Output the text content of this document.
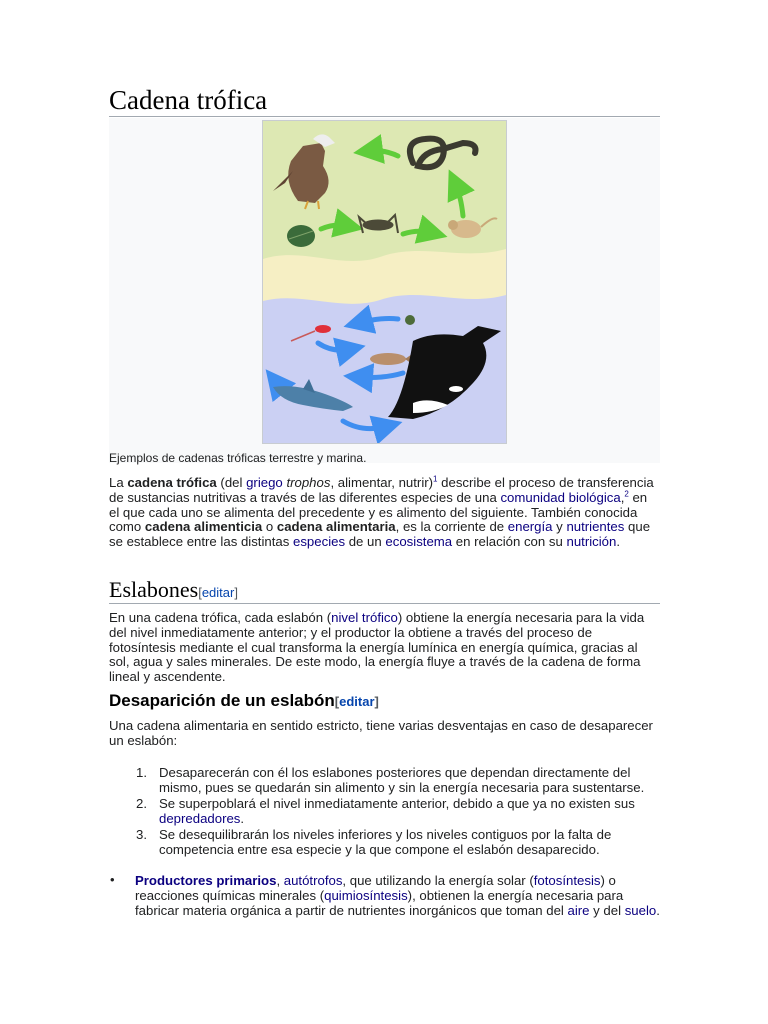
Cadena trófica
Ejemplos de cadenas tróficas terrestre y marina.

La cadena trófica (del griego trophos, alimentar, nutrir)$^1$ describe el proceso de transferencia de sustancias nutritivas a través de las diferentes especies de una comunidad biológica,$^2$ en el que cada uno se alimenta del precedente y es alimento del siguiente. También conocida como cadena alimenticia o cadena alimentaria, es la corriente de energía y nutrientes que se establece entre las distintas especies de un ecosistema en relación con su nutrición.

Eslabones[editar]

En una cadena trófica, cada eslabón (nivel trófico) obtiene la energía necesaria para la vida del nivel inmediatamente anterior; y el productor la obtiene a través del proceso de fotosíntesis mediante el cual transforma la energía lumínica en energía química, gracias al sol, agua y sales minerales. De este modo, la energía fluye a través de la cadena de forma lineal y ascendente.

Desaparición de un eslabón[editar]

Una cadena alimentaria en sentido estricto, tiene varias desventajas en caso de desaparecer un eslabón:

1. Desaparecerán con él los eslabones posteriores que dependan directamente del mismo, pues se quedarán sin alimento y sin la energía necesaria para sustentarse.
2. Se superpoblará el nivel inmediatamente anterior, debido a que ya no existen sus depredadores.
3. Se desequilibrarán los niveles inferiores y los niveles contiguos por la falta de competencia entre esa especie y la que compone el eslabón desaparecido.
• Productores primarios, autótrofos, que utilizando la energía solar (fotosíntesis) o reacciones químicas minerales (quimiosíntesis), obtienen la energía necesaria para fabricar materia orgánica a partir de nutrientes inorgánicos que toman del aire y del suelo.
